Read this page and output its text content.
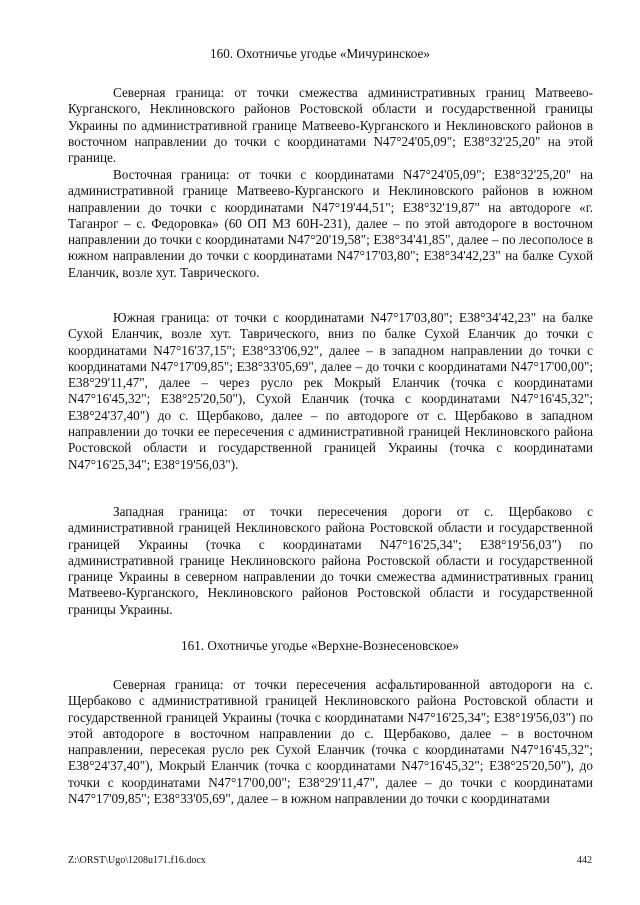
160. Охотничье угодье «Мичуринское»

Северная граница: от точки смежества административных границ Матвеево-Курганского, Неклиновского районов Ростовской области и государственной границы Украины по административной границе Матвеево-Курганского и Неклиновского районов в восточном направлении до точки с координатами N47°24'05,09"; E38°32'25,20" на этой границе.

Восточная граница: от точки с координатами N47°24'05,09"; E38°32'25,20" на административной границе Матвеево-Курганского и Неклиновского районов в южном направлении до точки с координатами N47°19'44,51"; E38°32'19,87" на автодороге «г. Таганрог – с. Федоровка» (60 ОП МЗ 60Н-231), далее – по этой автодороге в восточном направлении до точки с координатами N47°20'19,58"; E38°34'41,85", далее – по лесополосе в южном направлении до точки с координатами N47°17'03,80"; E38°34'42,23" на балке Сухой Еланчик, возле хут. Таврического.

Южная граница: от точки с координатами N47°17'03,80"; E38°34'42,23" на балке Сухой Еланчик, возле хут. Таврического, вниз по балке Сухой Еланчик до точки с координатами N47°16'37,15"; E38°33'06,92", далее – в западном направлении до точки с координатами N47°17'09,85"; E38°33'05,69", далее – до точки с координатами N47°17'00,00"; E38°29'11,47", далее – через русло рек Мокрый Еланчик (точка с координатами N47°16'45,32"; E38°25'20,50"), Сухой Еланчик (точка с координатами N47°16'45,32"; E38°24'37,40") до с. Щербаково, далее – по автодороге от с. Щербаково в западном направлении до точки ее пересечения с административной границей Неклиновского района Ростовской области и государственной границей Украины (точка с координатами N47°16'25,34"; E38°19'56,03").

Западная граница: от точки пересечения дороги от с. Щербаково с административной границей Неклиновского района Ростовской области и государственной границей Украины (точка с координатами N47°16'25,34"; E38°19'56,03") по административной границе Неклиновского района Ростовской области и государственной границе Украины в северном направлении до точки смежества административных границ Матвеево-Курганского, Неклиновского районов Ростовской области и государственной границы Украины.

161. Охотничье угодье «Верхне-Вознесеновское»

Северная граница: от точки пересечения асфальтированной автодороги на с. Щербаково с административной границей Неклиновского района Ростовской области и государственной границей Украины (точка с координатами N47°16'25,34"; E38°19'56,03") по этой автодороге в восточном направлении до с. Щербаково, далее – в восточном направлении, пересекая русло рек Сухой Еланчик (точка с координатами N47°16'45,32"; E38°24'37,40"), Мокрый Еланчик (точка с координатами N47°16'45,32"; E38°25'20,50"), до точки с координатами N47°17'00,00"; E38°29'11,47", далее – до точки с координатами N47°17'09,85"; E38°33'05,69", далее – в южном направлении до точки с координатами

Z:\ORST\Ugo\1208u171.f16.docx	442
